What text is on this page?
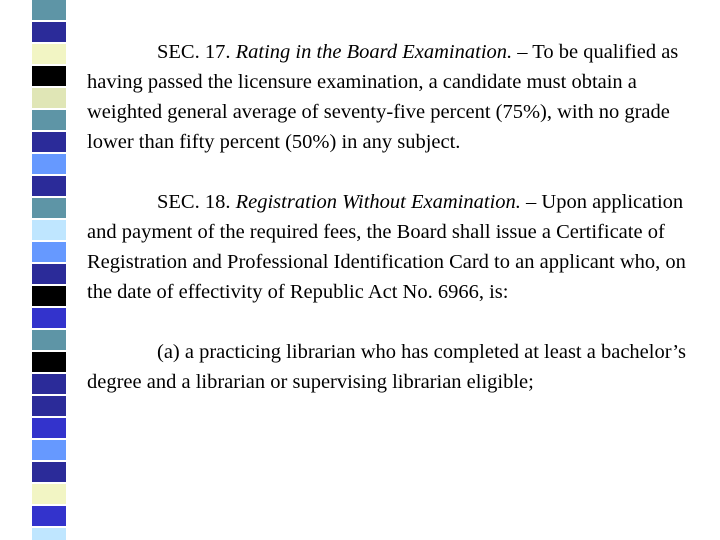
SEC. 17. Rating in the Board Examination. – To be qualified as having passed the licensure examination, a candidate must obtain a weighted general average of seventy-five percent (75%), with no grade lower than fifty percent (50%) in any subject.

SEC. 18. Registration Without Examination. – Upon application and payment of the required fees, the Board shall issue a Certificate of Registration and Professional Identification Card to an applicant who, on the date of effectivity of Republic Act No. 6966, is:

(a) a practicing librarian who has completed at least a bachelor’s degree and a librarian or supervising librarian eligible;
